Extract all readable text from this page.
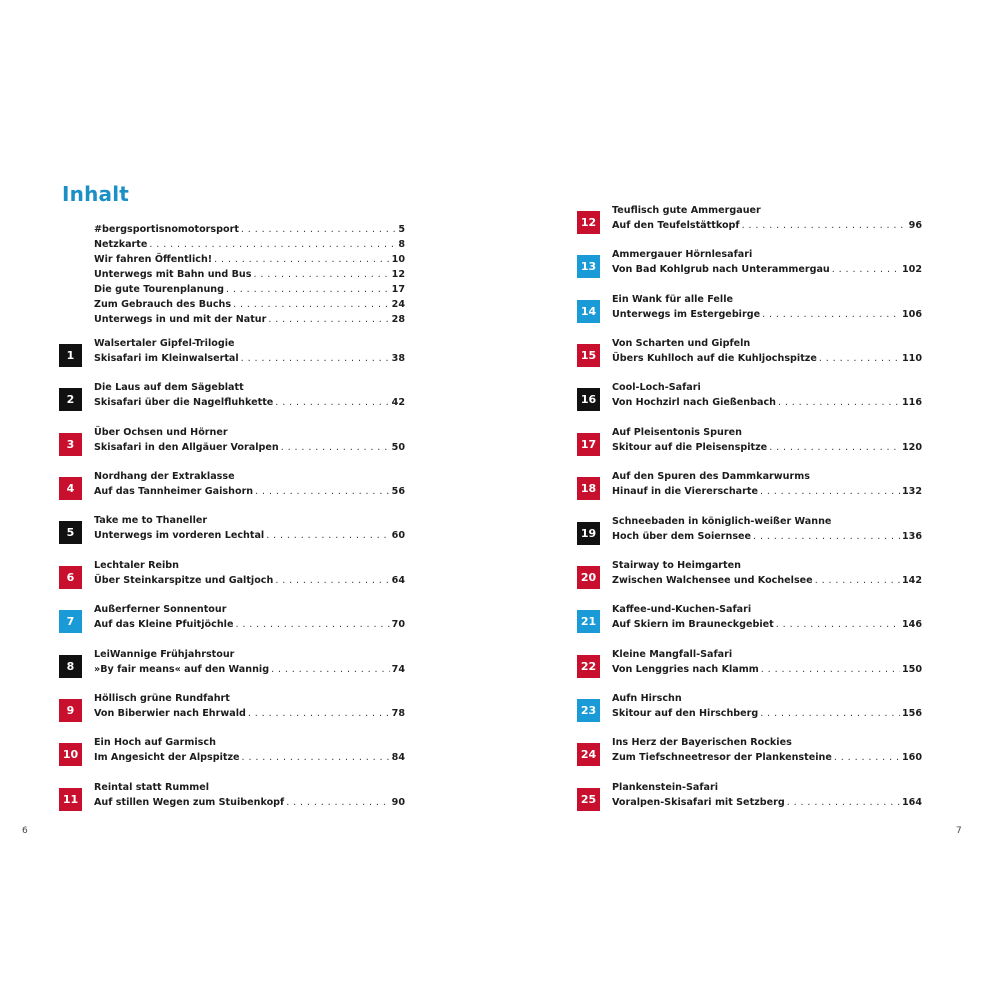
Inhalt
#bergsportisnomotorsport . . .	5
Netzkarte . . .	8
Wir fahren Öffentlich! . . .	10
Unterwegs mit Bahn und Bus . . .	12
Die gute Tourenplanung . . .	17
Zum Gebrauch des Buchs . . .	24
Unterwegs in und mit der Natur . . .	28
1
Walsertaler Gipfel-Trilogie
Skisafari im Kleinwalsertal . . .	38
2
Die Laus auf dem Sägeblatt
Skisafari über die Nagelfluhkette . . .	42
3
Über Ochsen und Hörner
Skisafari in den Allgäuer Voralpen . . .	50
4
Nordhang der Extraklasse
Auf das Tannheimer Gaishorn . . .	56
5
Take me to Thaneller
Unterwegs im vorderen Lechtal . . .	60
6
Lechtaler Reibn
Über Steinkarspitze und Galtjoch . . .	64
7
Außerferner Sonnentour
Auf das Kleine Pfuitjöchle . . .	70
8
LeiWannige Frühjahrstour
»By fair means« auf den Wannig . . .	74
9
Höllisch grüne Rundfahrt
Von Biberwier nach Ehrwald . . .	78
10
Ein Hoch auf Garmisch
Im Angesicht der Alpspitze . . .	84
11
Reintal statt Rummel
Auf stillen Wegen zum Stuibenkopf . . .	90
6
12
Teuflisch gute Ammergauer
Auf den Teufelstättkopf . . .	96
13
Ammergauer Hörnlesafari
Von Bad Kohlgrub nach Unterammergau . . .	102
14
Ein Wank für alle Felle
Unterwegs im Estergebirge . . .	106
15
Von Scharten und Gipfeln
Übers Kuhlloch auf die Kuhljochspitze . . .	110
16
Cool-Loch-Safari
Von Hochzirl nach Gießenbach . . .	116
17
Auf Pleisentonis Spuren
Skitour auf die Pleisenspitze . . .	120
18
Auf den Spuren des Dammkarwurms
Hinauf in die Viererscharte . . .	132
19
Schneebaden in königlich-weißer Wanne
Hoch über dem Soiernsee . . .	136
20
Stairway to Heimgarten
Zwischen Walchensee und Kochelsee . . .	142
21
Kaffee-und-Kuchen-Safari
Auf Skiern im Brauneckgebiet . . .	146
22
Kleine Mangfall-Safari
Von Lenggries nach Klamm . . .	150
23
Aufn Hirschn
Skitour auf den Hirschberg . . .	156
24
Ins Herz der Bayerischen Rockies
Zum Tiefschneetresor der Plankensteine . . .	160
25
Plankenstein-Safari
Voralpen-Skisafari mit Setzberg . . .	164
7
